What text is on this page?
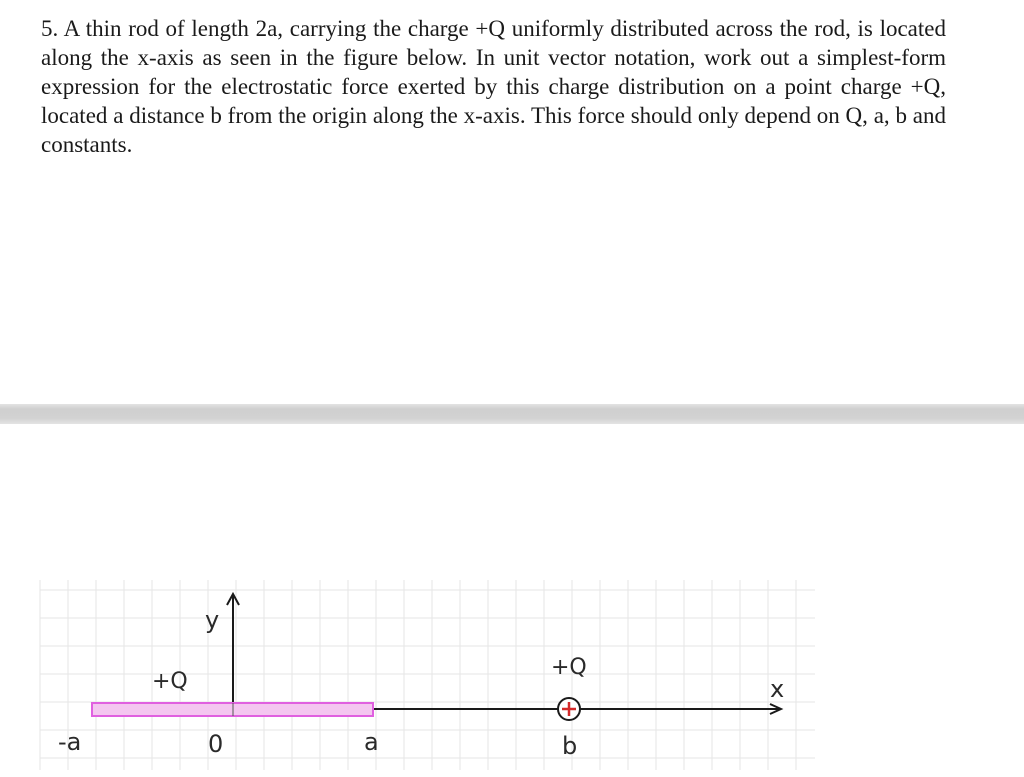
5. A thin rod of length 2a, carrying the charge +Q uniformly distributed across the rod, is located along the x-axis as seen in the figure below. In unit vector notation, work out a simplest-form expression for the electrostatic force exerted by this charge distribution on a point charge +Q, located a distance b from the origin along the x-axis. This force should only depend on Q, a, b and constants.

y
x
+Q
+Q
-a	0	a	b
